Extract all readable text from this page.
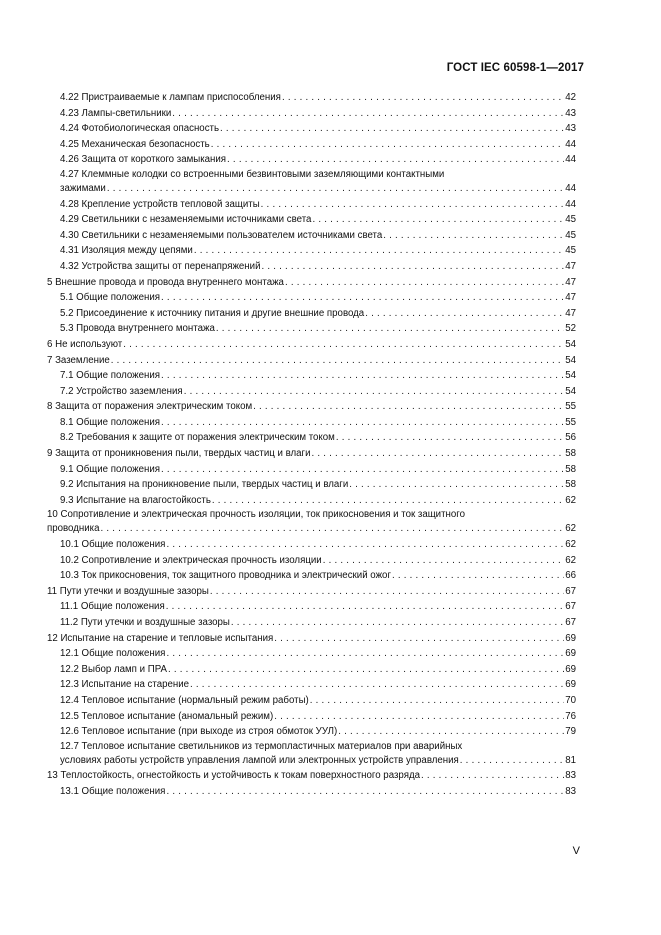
ГОСТ IEC 60598-1—2017
4.22 Пристраиваемые к лампам приспособления . . .	42
4.23 Лампы-светильники . . .	43
4.24 Фотобиологическая опасность . . .	43
4.25 Механическая безопасность . . .	44
4.26 Защита от короткого замыкания . . .	44
4.27 Клеммные колодки со встроенными безвинтовыми заземляющими контактными
зажимами . . .	44
4.28 Крепление устройств тепловой защиты . . .	44
4.29 Светильники с незаменяемыми источниками света . . .	45
4.30 Светильники с незаменяемыми пользователем источниками света . . .	45
4.31 Изоляция между цепями . . .	45
4.32 Устройства защиты от перенапряжений . . .	47
5 Внешние провода и провода внутреннего монтажа . . .	47
5.1 Общие положения . . .	47
5.2 Присоединение к источнику питания и другие внешние провода . . .	47
5.3 Провода внутреннего монтажа . . .	52
6 Не используют . . .	54
7 Заземление . . .	54
7.1 Общие положения . . .	54
7.2 Устройство заземления . . .	54
8 Защита от поражения электрическим током . . .	55
8.1 Общие положения . . .	55
8.2 Требования к защите от поражения электрическим током . . .	56
9 Защита от проникновения пыли, твердых частиц и влаги . . .	58
9.1 Общие положения . . .	58
9.2 Испытания на проникновение пыли, твердых частиц и влаги . . .	58
9.3 Испытание на влагостойкость . . .	62
10 Сопротивление и электрическая прочность изоляции, ток прикосновения и ток защитного
проводника . . .	62
10.1 Общие положения . . .	62
10.2 Сопротивление и электрическая прочность изоляции . . .	62
10.3 Ток прикосновения, ток защитного проводника и электрический ожог . . .	66
11 Пути утечки и воздушные зазоры . . .	67
11.1 Общие положения . . .	67
11.2 Пути утечки и воздушные зазоры . . .	67
12 Испытание на старение и тепловые испытания . . .	69
12.1 Общие положения . . .	69
12.2 Выбор ламп и ПРА . . .	69
12.3 Испытание на старение . . .	69
12.4 Тепловое испытание (нормальный режим работы) . . .	70
12.5 Тепловое испытание (аномальный режим) . . .	76
12.6 Тепловое испытание (при выходе из строя обмоток УУЛ) . . .	79
12.7 Тепловое испытание светильников из термопластичных материалов при аварийных
условиях работы устройств управления лампой или электронных устройств управления . . .	81
13 Теплостойкость, огнестойкость и устойчивость к токам поверхностного разряда . . .	83
13.1 Общие положения . . .	83
V
